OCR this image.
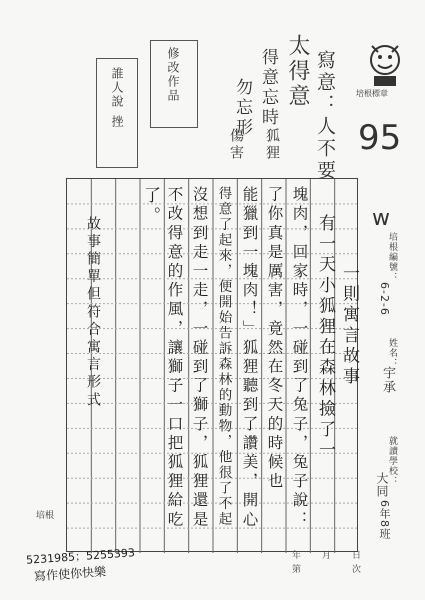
誰人說 挫	修改作品	寫意：人不要
太得意
得意忘時
勿忘形
狐狸
傷害	95
w
培根標章
一則寓言故事
有一天小狐狸在森林撿了一
塊肉，回家時，一碰到了兔子，兔子說：
了你真是厲害，竟然在冬天的時候也
能獵到一塊肉！」狐狸聽到了讚美，開心
得意了起來，便開始告訴森林的動物，他很了不起
沒想到走一走，一碰到了獅子，狐狸還是
不改得意的作風，讓獅子一口把狐狸給吃
了。
故事簡單但符合寓言形式	培根編號：
6-2-6
姓名：
宇承
就讀學校：
大同
6年8班
培根
5231985；5255393
寫作使你快樂
年 月 日
第	次
